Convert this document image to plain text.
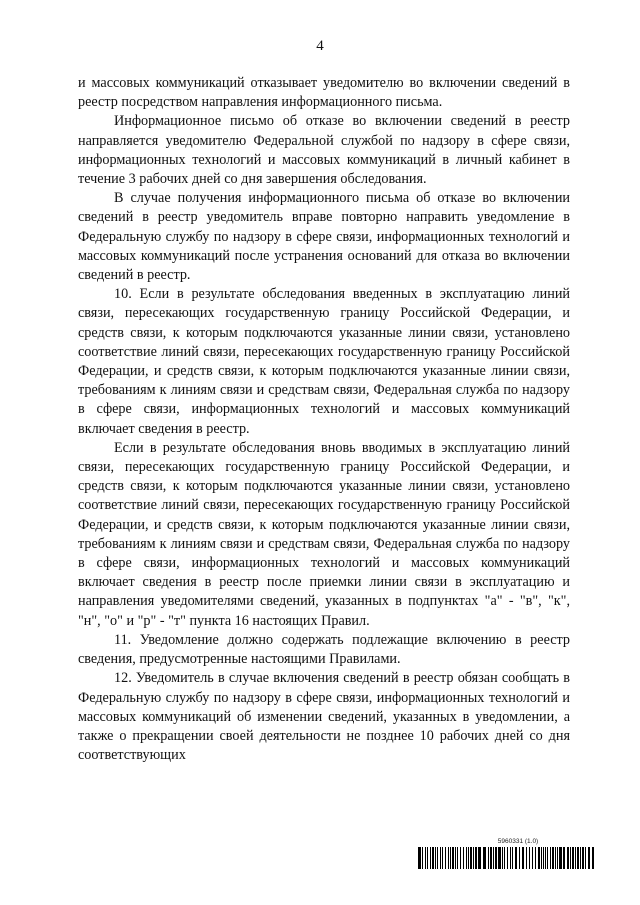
4

и массовых коммуникаций отказывает уведомителю во включении сведений в реестр посредством направления информационного письма.

Информационное письмо об отказе во включении сведений в реестр направляется уведомителю Федеральной службой по надзору в сфере связи, информационных технологий и массовых коммуникаций в личный кабинет в течение 3 рабочих дней со дня завершения обследования.

В случае получения информационного письма об отказе во включении сведений в реестр уведомитель вправе повторно направить уведомление в Федеральную службу по надзору в сфере связи, информационных технологий и массовых коммуникаций после устранения оснований для отказа во включении сведений в реестр.

10. Если в результате обследования введенных в эксплуатацию линий связи, пересекающих государственную границу Российской Федерации, и средств связи, к которым подключаются указанные линии связи, установлено соответствие линий связи, пересекающих государственную границу Российской Федерации, и средств связи, к которым подключаются указанные линии связи, требованиям к линиям связи и средствам связи, Федеральная служба по надзору в сфере связи, информационных технологий и массовых коммуникаций включает сведения в реестр.

Если в результате обследования вновь вводимых в эксплуатацию линий связи, пересекающих государственную границу Российской Федерации, и средств связи, к которым подключаются указанные линии связи, установлено соответствие линий связи, пересекающих государственную границу Российской Федерации, и средств связи, к которым подключаются указанные линии связи, требованиям к линиям связи и средствам связи, Федеральная служба по надзору в сфере связи, информационных технологий и массовых коммуникаций включает сведения в реестр после приемки линии связи в эксплуатацию и направления уведомителями сведений, указанных в подпунктах "а" - "в", "к", "н", "о" и "р" - "т" пункта 16 настоящих Правил.

11. Уведомление должно содержать подлежащие включению в реестр сведения, предусмотренные настоящими Правилами.

12. Уведомитель в случае включения сведений в реестр обязан сообщать в Федеральную службу по надзору в сфере связи, информационных технологий и массовых коммуникаций об изменении сведений, указанных в уведомлении, а также о прекращении своей деятельности не позднее 10 рабочих дней со дня соответствующих

5960331 (1.0)
